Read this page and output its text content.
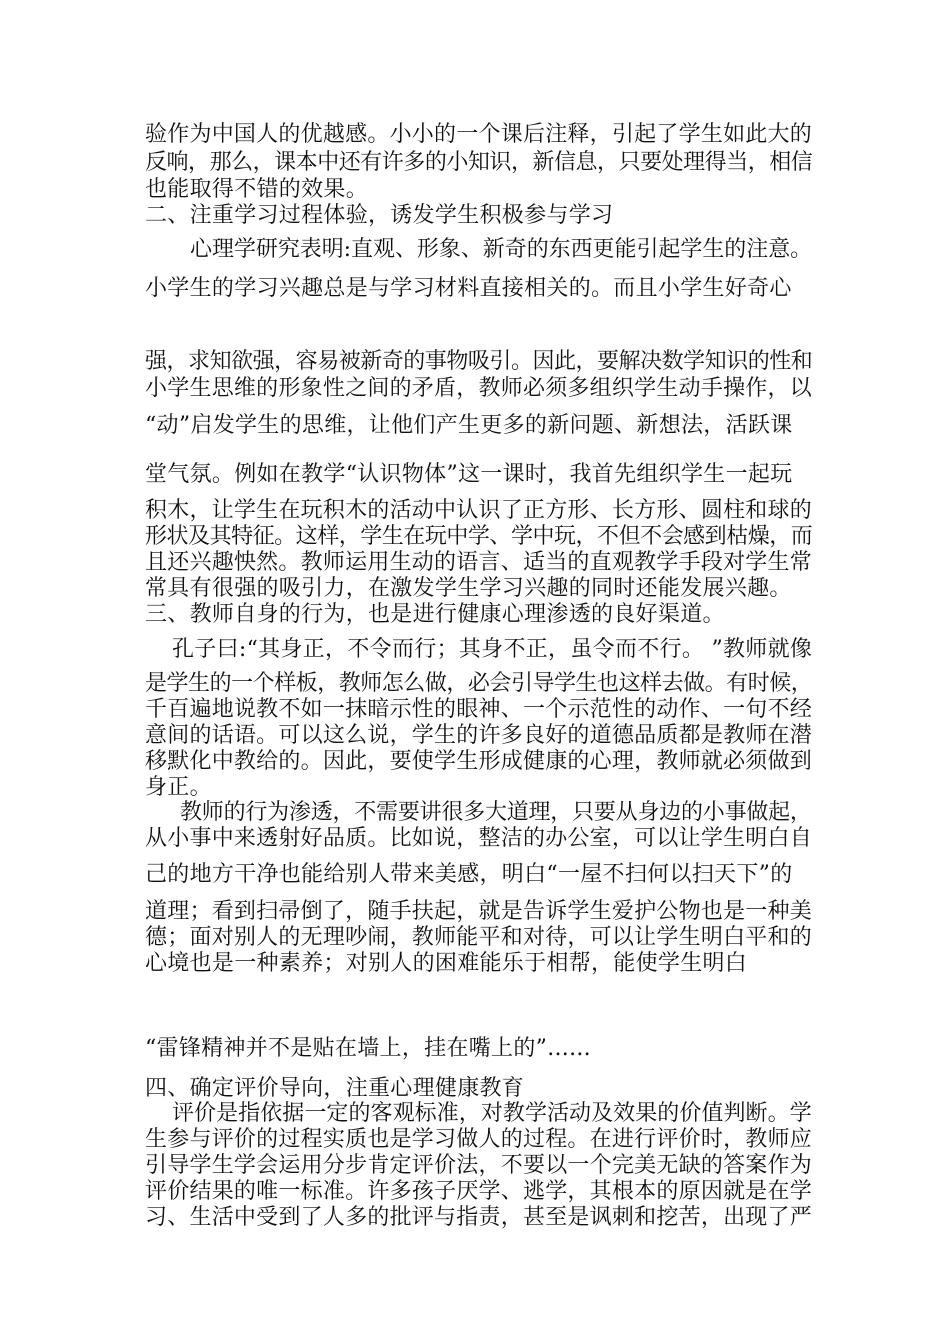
验作为中国人的优越感。小小的一个课后注释，引起了学生如此大的
反响，那么，课本中还有许多的小知识，新信息，只要处理得当，相信
也能取得不错的效果。
二、注重学习过程体验，诱发学生积极参与学习
心理学研究表明:直观、形象、新奇的东西更能引起学生的注意。
小学生的学习兴趣总是与学习材料直接相关的。而且小学生好奇心
强，求知欲强，容易被新奇的事物吸引。因此，要解决数学知识的性和
小学生思维的形象性之间的矛盾，教师必须多组织学生动手操作，以
“动”启发学生的思维，让他们产生更多的新问题、新想法，活跃课
堂气氛。例如在教学“认识物体”这一课时，我首先组织学生一起玩
积木，让学生在玩积木的活动中认识了正方形、长方形、圆柱和球的
形状及其特征。这样，学生在玩中学、学中玩，不但不会感到枯燥，而
且还兴趣怏然。教师运用生动的语言、适当的直观教学手段对学生常
常具有很强的吸引力，在激发学生学习兴趣的同时还能发展兴趣。
三、教师自身的行为，也是进行健康心理渗透的良好渠道。
孔子曰:“其身正，不令而行；其身不正，虽令而不行。 ”教师就像
是学生的一个样板，教师怎么做，必会引导学生也这样去做。有时候，
千百遍地说教不如一抹暗示性的眼神、一个示范性的动作、一句不经
意间的话语。可以这么说，学生的许多良好的道德品质都是教师在潜
移默化中教给的。因此，要使学生形成健康的心理，教师就必须做到
身正。
教师的行为渗透，不需要讲很多大道理，只要从身边的小事做起，
从小事中来透射好品质。比如说，整洁的办公室，可以让学生明白自
己的地方干净也能给别人带来美感，明白“一屋不扫何以扫天下”的
道理；看到扫帚倒了，随手扶起，就是告诉学生爱护公物也是一种美
德；面对别人的无理吵闹，教师能平和对待，可以让学生明白平和的
心境也是一种素养；对别人的困难能乐于相帮，能使学生明白
“雷锋精神并不是贴在墙上，挂在嘴上的”......
四、确定评价导向，注重心理健康教育
评价是指依据一定的客观标准，对教学活动及效果的价值判断。学
生参与评价的过程实质也是学习做人的过程。在进行评价时，教师应
引导学生学会运用分步肯定评价法，不要以一个完美无缺的答案作为
评价结果的唯一标准。许多孩子厌学、逃学，其根本的原因就是在学
习、生活中受到了人多的批评与指责，甚至是讽刺和挖苦，出现了严
